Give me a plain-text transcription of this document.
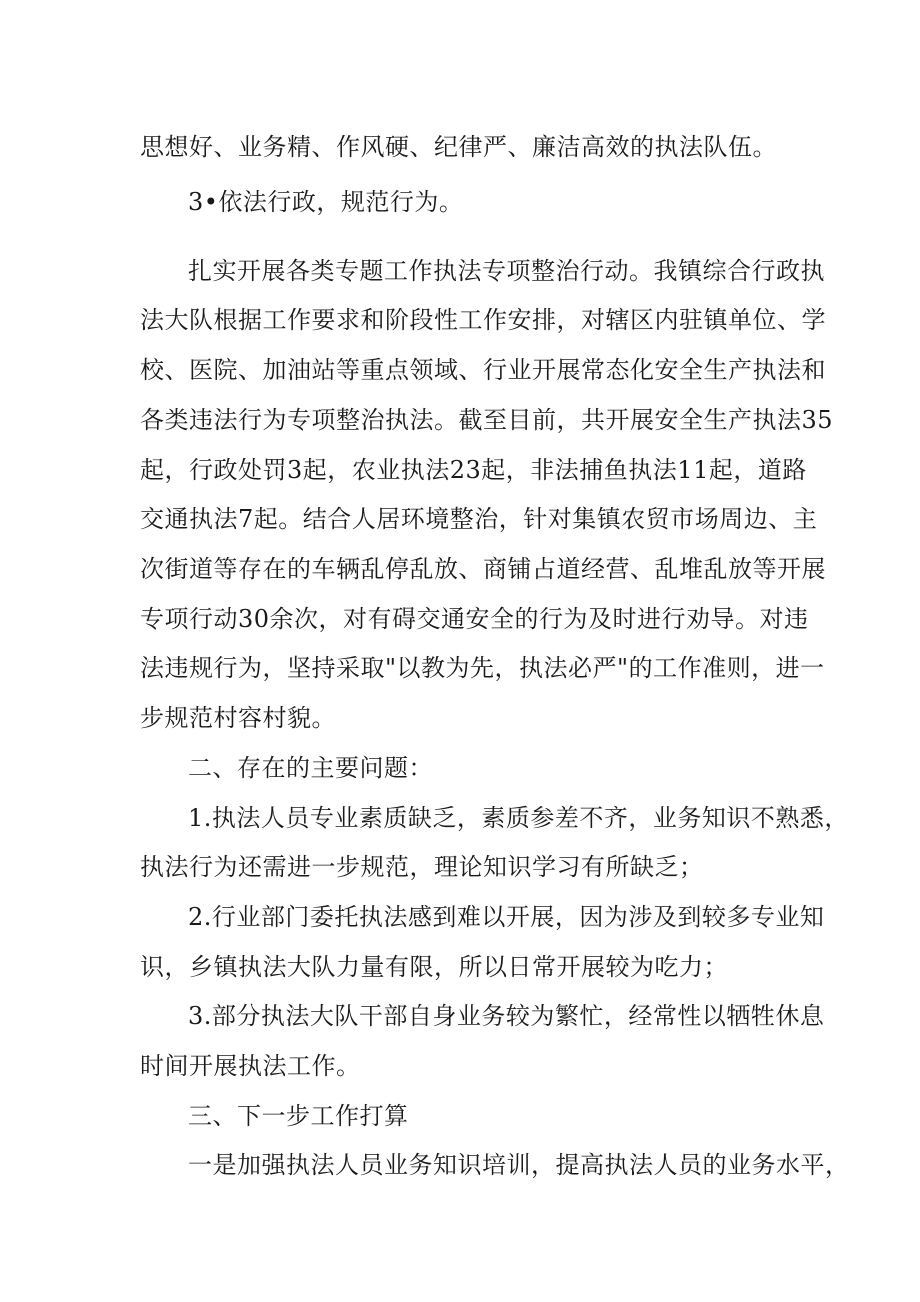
思想好、业务精、作风硬、纪律严、廉洁高效的执法队伍。
3•依法行政，规范行为。
扎实开展各类专题工作执法专项整治行动。我镇综合行政执
法大队根据工作要求和阶段性工作安排，对辖区内驻镇单位、学
校、医院、加油站等重点领域、行业开展常态化安全生产执法和
各类违法行为专项整治执法。截至目前，共开展安全生产执法35
起，行政处罚3起，农业执法23起，非法捕鱼执法11起，道路
交通执法7起。结合人居环境整治，针对集镇农贸市场周边、主
次街道等存在的车辆乱停乱放、商铺占道经营、乱堆乱放等开展
专项行动30余次，对有碍交通安全的行为及时进行劝导。对违
法违规行为，坚持采取"以教为先，执法必严"的工作准则，进一
步规范村容村貌。
二、存在的主要问题：
1.执法人员专业素质缺乏，素质参差不齐，业务知识不熟悉，
执法行为还需进一步规范，理论知识学习有所缺乏；
2.行业部门委托执法感到难以开展，因为涉及到较多专业知
识，乡镇执法大队力量有限，所以日常开展较为吃力；
3.部分执法大队干部自身业务较为繁忙，经常性以牺牲休息
时间开展执法工作。
三、下一步工作打算
一是加强执法人员业务知识培训，提高执法人员的业务水平，
